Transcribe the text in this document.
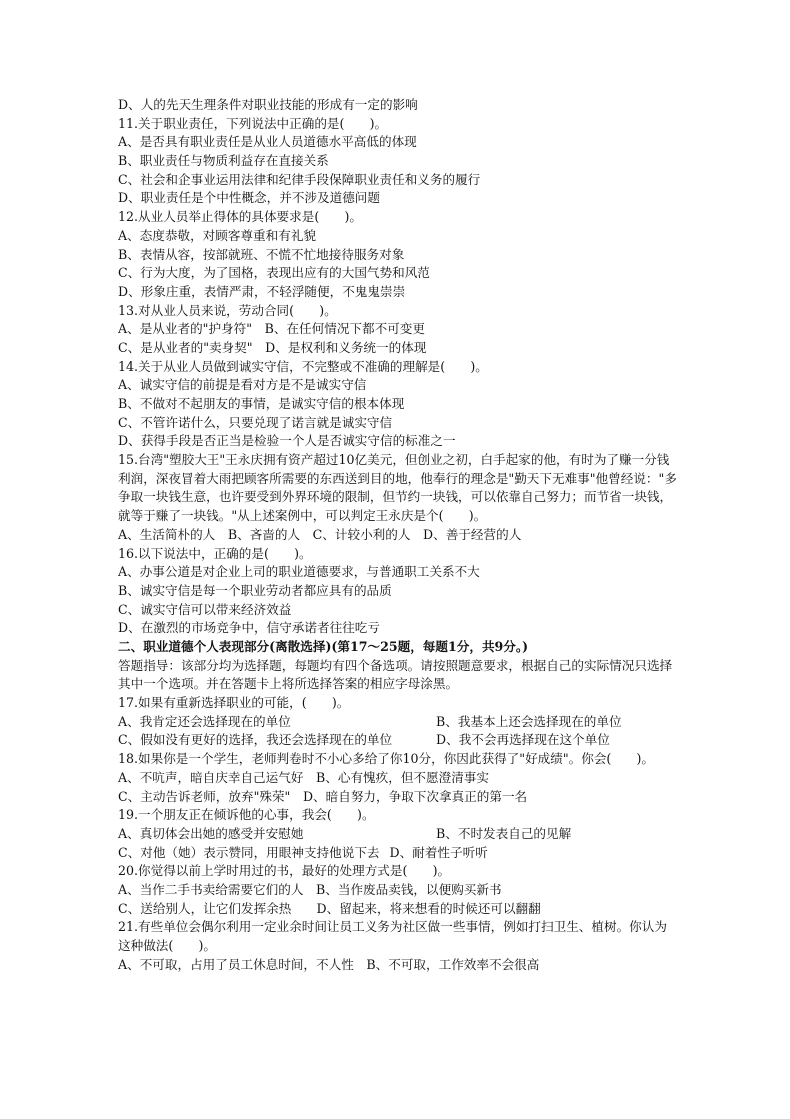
D、人的先天生理条件对职业技能的形成有一定的影响
11.关于职业责任，下列说法中正确的是(　　)。
A、是否具有职业责任是从业人员道德水平高低的体现
B、职业责任与物质利益存在直接关系
C、社会和企事业运用法律和纪律手段保障职业责任和义务的履行
D、职业责任是个中性概念，并不涉及道德问题
12.从业人员举止得体的具体要求是(　　)。
A、态度恭敬，对顾客尊重和有礼貌
B、表情从容，按部就班、不慌不忙地接待服务对象
C、行为大度，为了国格，表现出应有的大国气势和风范
D、形象庄重，表情严肃，不轻浮随便，不鬼鬼崇崇
13.对从业人员来说，劳动合同(　　)。
A、是从业者的"护身符"　B、在任何情况下都不可变更
C、是从业者的"卖身契"　D、是权利和义务统一的体现
14.关于从业人员做到诚实守信，不完整或不准确的理解是(　　)。
A、诚实守信的前提是看对方是不是诚实守信
B、不做对不起朋友的事情，是诚实守信的根本体现
C、不管许诺什么，只要兑现了诺言就是诚实守信
D、获得手段是否正当是检验一个人是否诚实守信的标准之一
15.台湾"塑胶大王"王永庆拥有资产超过10亿美元，但创业之初，白手起家的他，有时为了赚一分钱利润，深夜冒着大雨把顾客所需要的东西送到目的地，他奉行的理念是"勤天下无难事"他曾经说："多争取一块钱生意，也许要受到外界环境的限制，但节约一块钱，可以依靠自己努力；而节省一块钱，就等于赚了一块钱。"从上述案例中，可以判定王永庆是个(　　)。
A、生活简朴的人　B、吝啬的人　C、计较小利的人　D、善于经营的人
16.以下说法中，正确的是(　　)。
A、办事公道是对企业上司的职业道德要求，与普通职工关系不大
B、诚实守信是每一个职业劳动者都应具有的品质
C、诚实守信可以带来经济效益
D、在激烈的市场竞争中，信守承诺者往往吃亏
二、职业道德个人表现部分(离散选择)(第17～25题，每题1分，共9分。)
答题指导：该部分均为选择题，每题均有四个备选项。请按照题意要求，根据自己的实际情况只选择其中一个选项。并在答题卡上将所选择答案的相应字母涂黑。
17.如果有重新选择职业的可能，(　　)。
A、我肯定还会选择现在的单位	B、我基本上还会选择现在的单位
C、假如没有更好的选择，我还会选择现在的单位	D、我不会再选择现在这个单位
18.如果你是一个学生，老师判卷时不小心多给了你10分，你因此获得了"好成绩"。你会(　　)。
A、不吭声，暗自庆幸自己运气好　B、心有愧疚，但不愿澄清事实
C、主动告诉老师，放弃"殊荣"　D、暗自努力，争取下次拿真正的第一名
19.一个朋友正在倾诉他的心事，我会(　　)。
A、真切体会出她的感受并安慰她	B、不时发表自己的见解
C、对他（她）表示赞同，用眼神支持他说下去 D、耐着性子听听
20.你觉得以前上学时用过的书，最好的处理方式是(　　)。
A、当作二手书卖给需要它们的人　B、当作废品卖钱，以便购买新书
C、送给别人，让它们发挥余热　　D、留起来，将来想看的时候还可以翻翻
21.有些单位会偶尔利用一定业余时间让员工义务为社区做一些事情，例如打扫卫生、植树。你认为这种做法(　　)。
A、不可取，占用了员工休息时间，不人性　B、不可取，工作效率不会很高
